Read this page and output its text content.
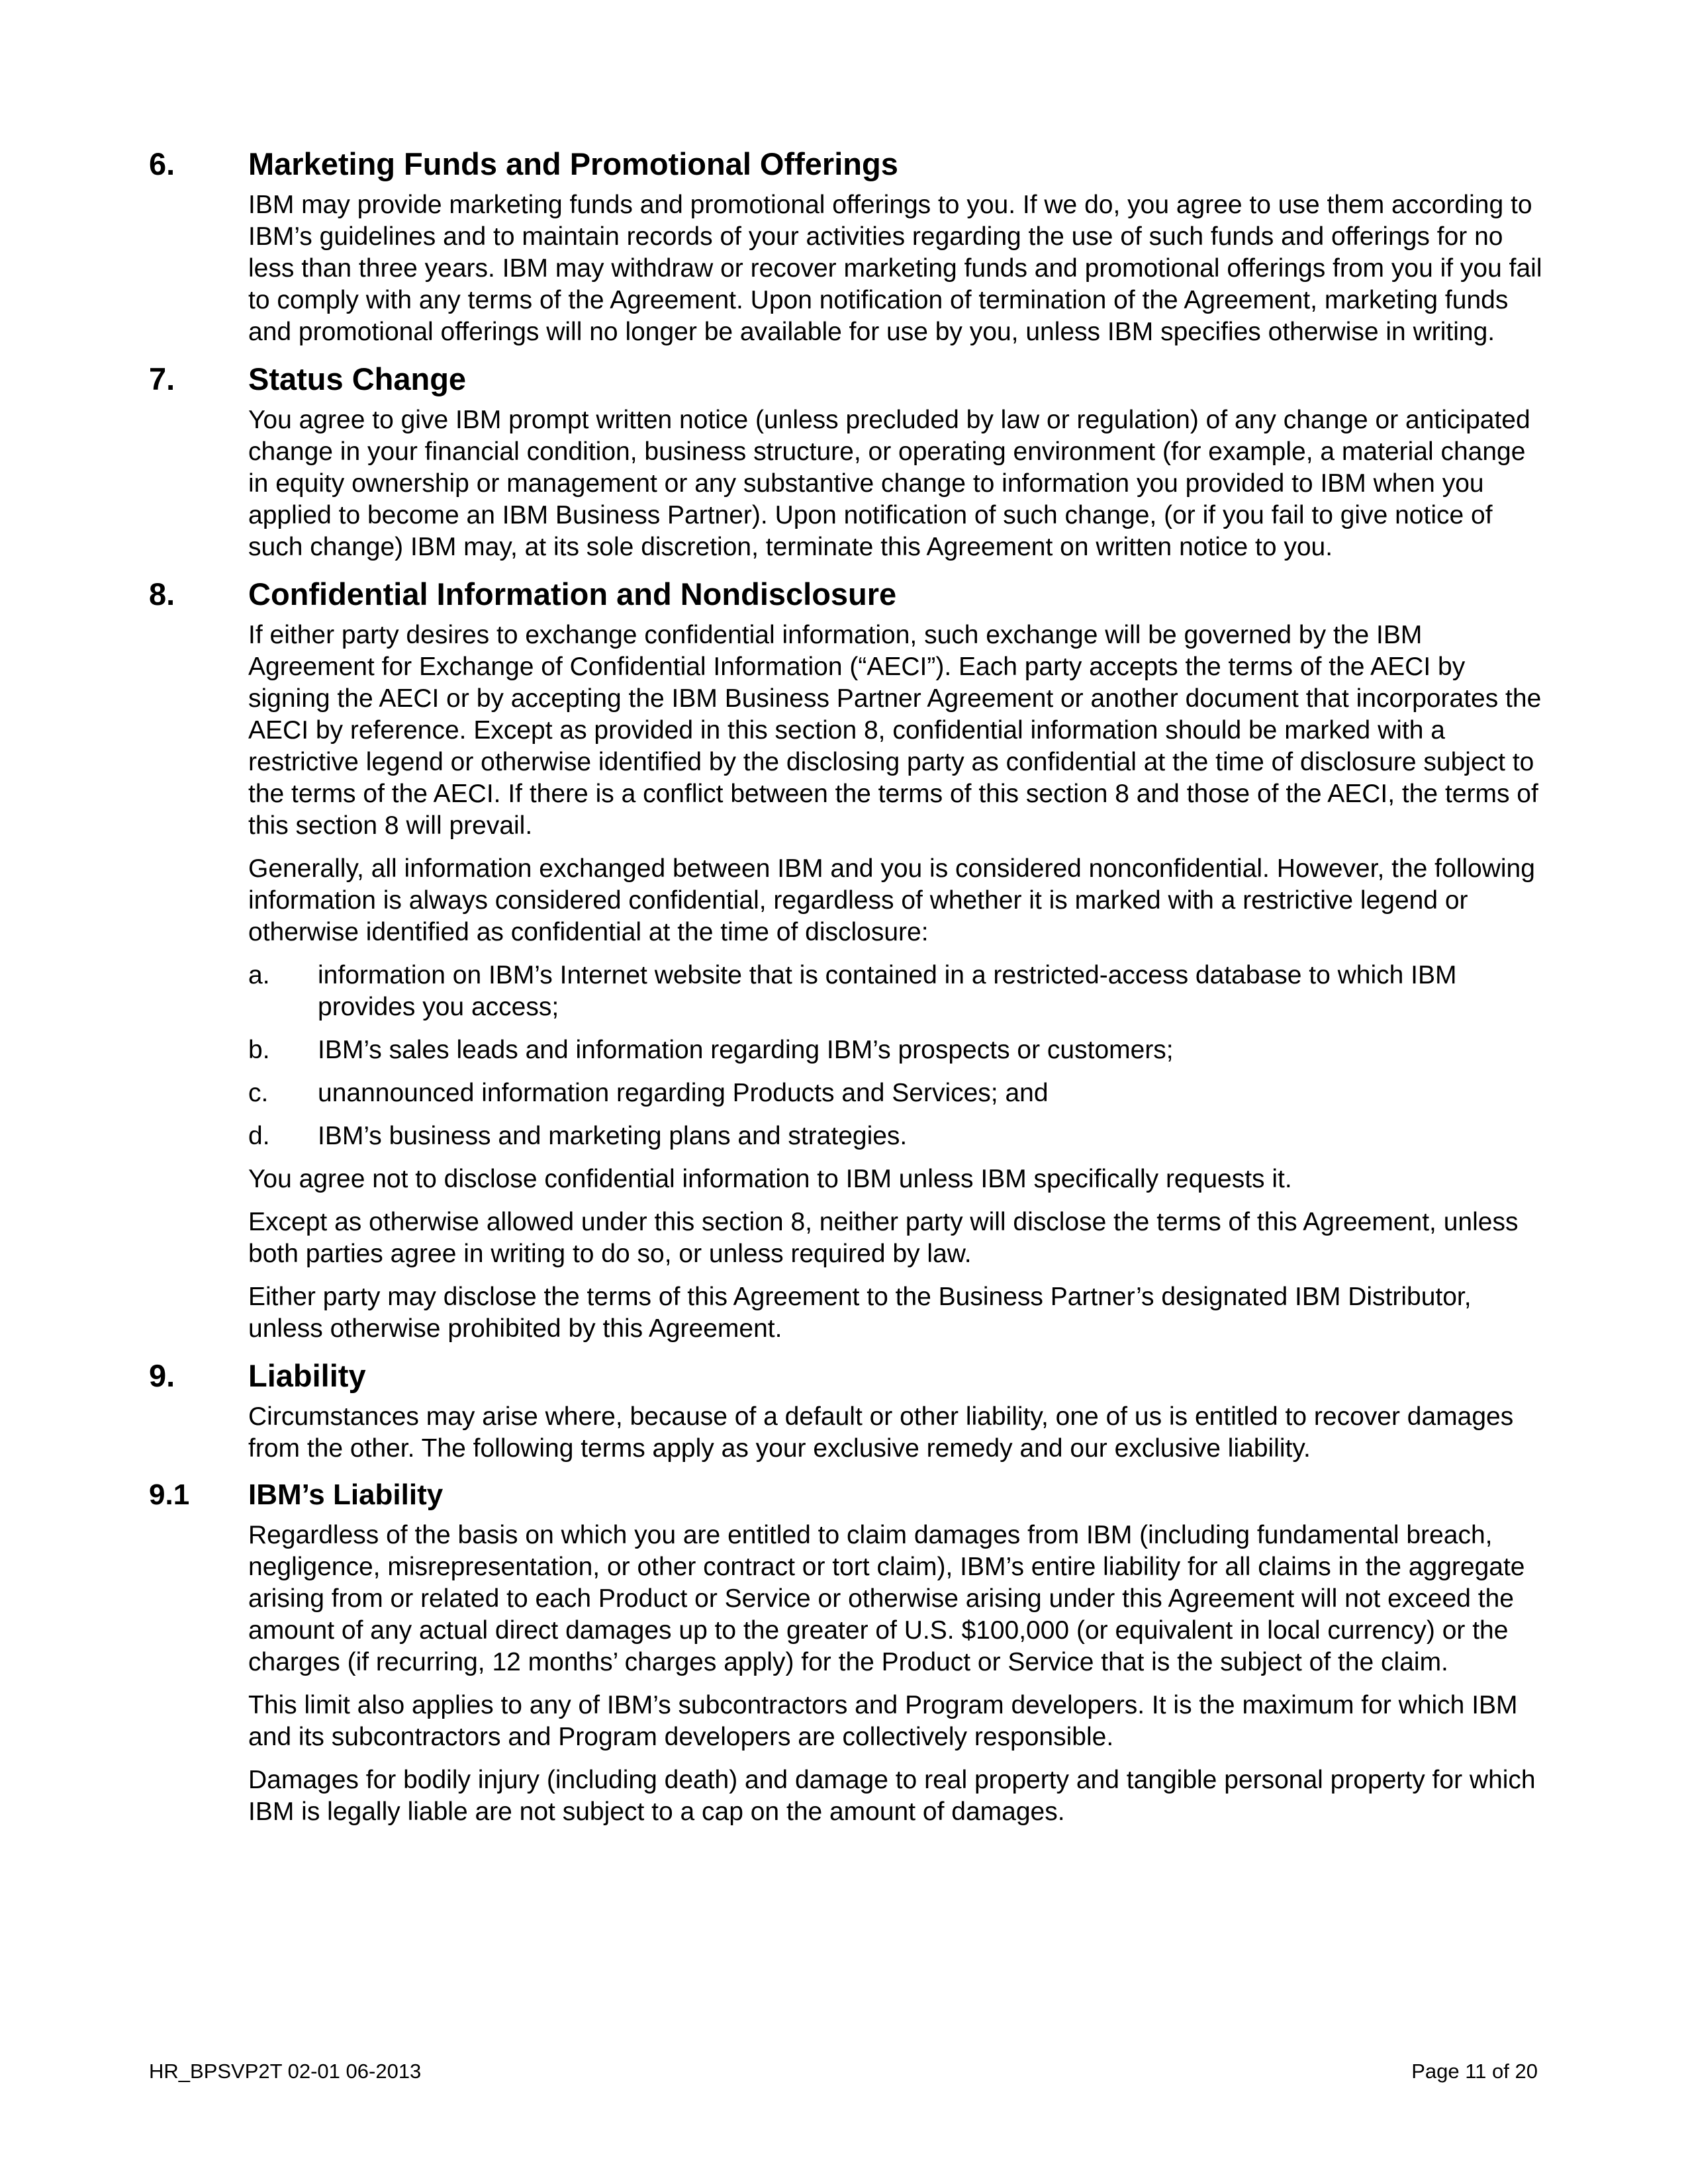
6.	Marketing Funds and Promotional Offerings

IBM may provide marketing funds and promotional offerings to you. If we do, you agree to use them according to IBM’s guidelines and to maintain records of your activities regarding the use of such funds and offerings for no less than three years. IBM may withdraw or recover marketing funds and promotional offerings from you if you fail to comply with any terms of the Agreement. Upon notification of termination of the Agreement, marketing funds and promotional offerings will no longer be available for use by you, unless IBM specifies otherwise in writing.

7.	Status Change

You agree to give IBM prompt written notice (unless precluded by law or regulation) of any change or anticipated change in your financial condition, business structure, or operating environment (for example, a material change in equity ownership or management or any substantive change to information you provided to IBM when you applied to become an IBM Business Partner). Upon notification of such change, (or if you fail to give notice of such change) IBM may, at its sole discretion, terminate this Agreement on written notice to you.

8.	Confidential Information and Nondisclosure

If either party desires to exchange confidential information, such exchange will be governed by the IBM Agreement for Exchange of Confidential Information (“AECI”). Each party accepts the terms of the AECI by signing the AECI or by accepting the IBM Business Partner Agreement or another document that incorporates the AECI by reference. Except as provided in this section 8, confidential information should be marked with a restrictive legend or otherwise identified by the disclosing party as confidential at the time of disclosure subject to the terms of the AECI. If there is a conflict between the terms of this section 8 and those of the AECI, the terms of this section 8 will prevail.

Generally, all information exchanged between IBM and you is considered nonconfidential. However, the following information is always considered confidential, regardless of whether it is marked with a restrictive legend or otherwise identified as confidential at the time of disclosure:

a.	information on IBM’s Internet website that is contained in a restricted-access database to which IBM provides you access;
b.	IBM’s sales leads and information regarding IBM’s prospects or customers;
c.	unannounced information regarding Products and Services; and
d.	IBM’s business and marketing plans and strategies.

You agree not to disclose confidential information to IBM unless IBM specifically requests it.

Except as otherwise allowed under this section 8, neither party will disclose the terms of this Agreement, unless both parties agree in writing to do so, or unless required by law.

Either party may disclose the terms of this Agreement to the Business Partner’s designated IBM Distributor, unless otherwise prohibited by this Agreement.

9.	Liability

Circumstances may arise where, because of a default or other liability, one of us is entitled to recover damages from the other. The following terms apply as your exclusive remedy and our exclusive liability.

9.1	IBM’s Liability

Regardless of the basis on which you are entitled to claim damages from IBM (including fundamental breach, negligence, misrepresentation, or other contract or tort claim), IBM’s entire liability for all claims in the aggregate arising from or related to each Product or Service or otherwise arising under this Agreement will not exceed the amount of any actual direct damages up to the greater of U.S. $100,000 (or equivalent in local currency) or the charges (if recurring, 12 months’ charges apply) for the Product or Service that is the subject of the claim.

This limit also applies to any of IBM’s subcontractors and Program developers. It is the maximum for which IBM and its subcontractors and Program developers are collectively responsible.

Damages for bodily injury (including death) and damage to real property and tangible personal property for which IBM is legally liable are not subject to a cap on the amount of damages.

HR_BPSVP2T 02-01 06-2013	Page 11 of 20
